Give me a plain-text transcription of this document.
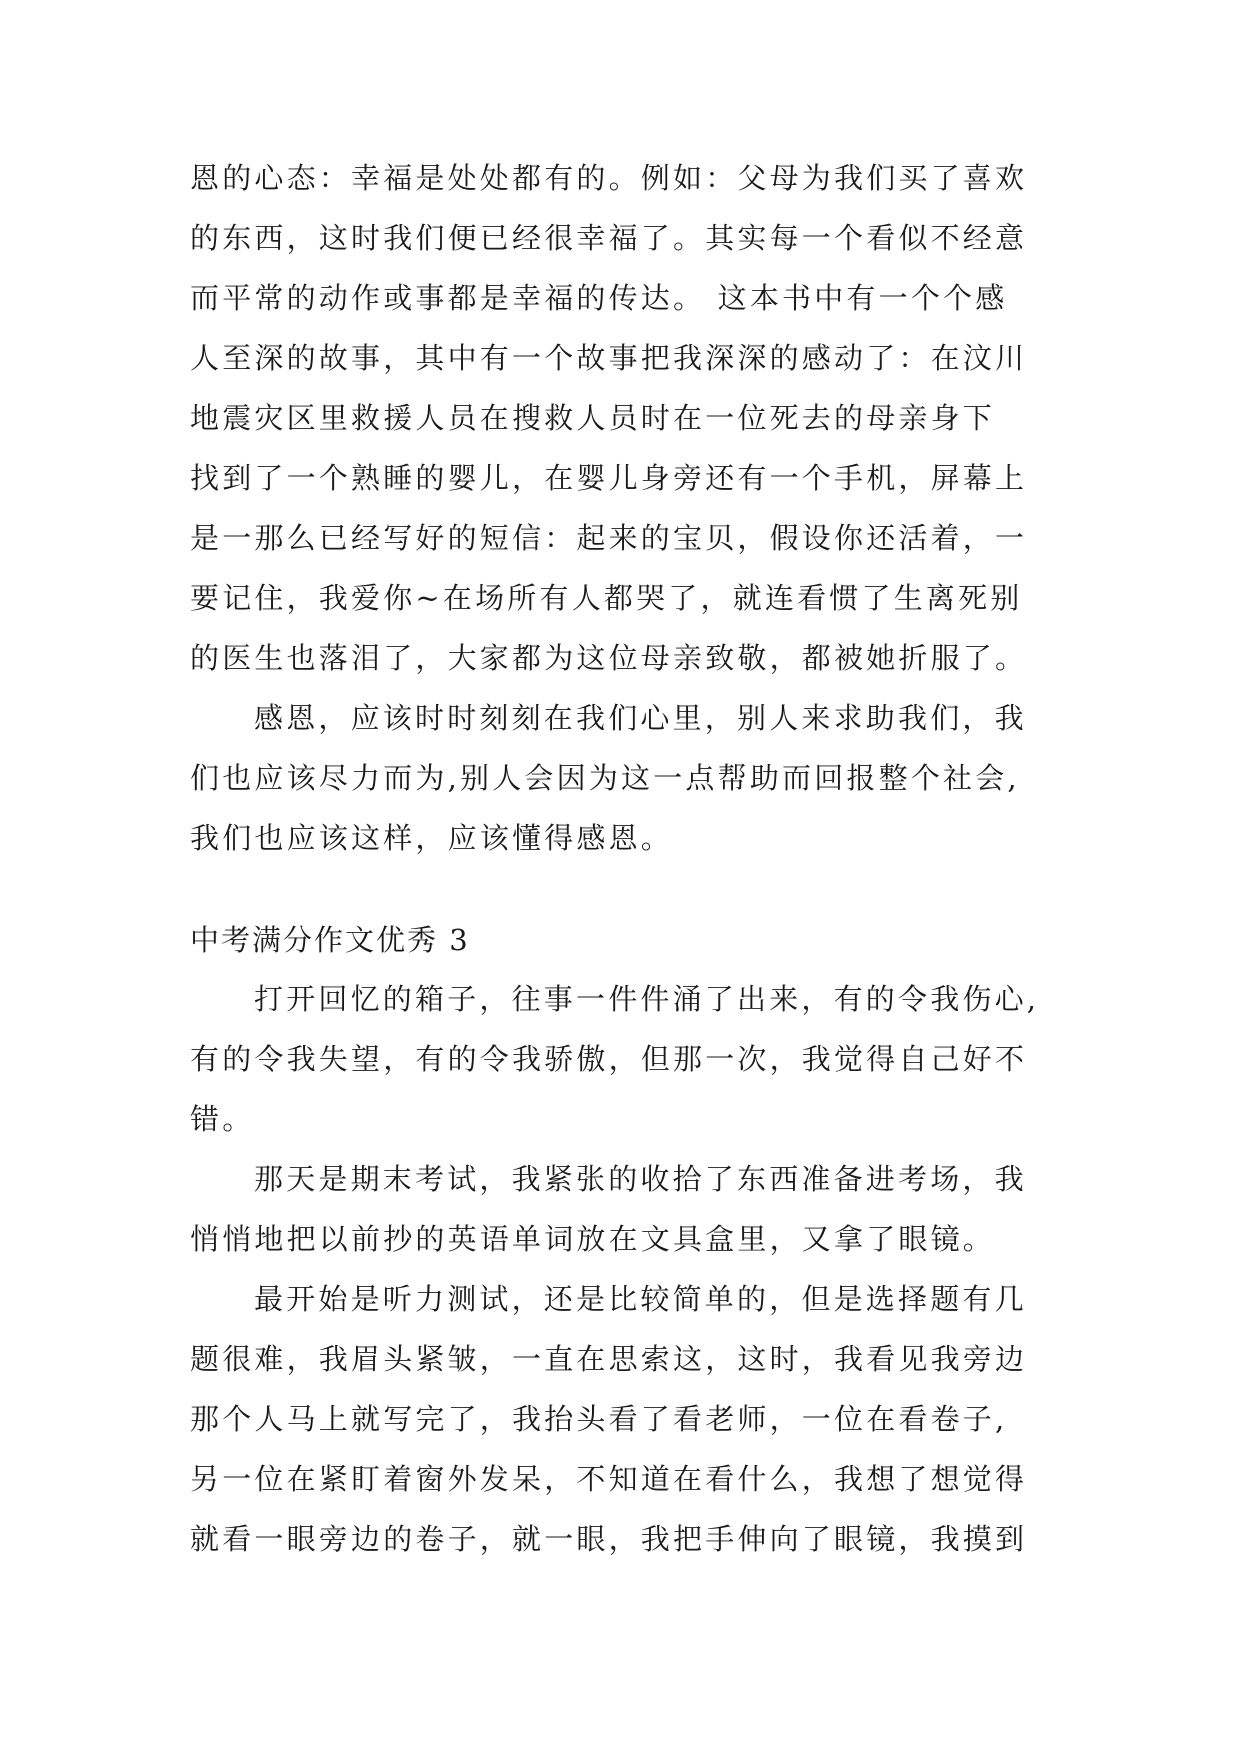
恩的心态：幸福是处处都有的。例如：父母为我们买了喜欢
的东西，这时我们便已经很幸福了。其实每一个看似不经意
而平常的动作或事都是幸福的传达。 这本书中有一个个感
人至深的故事，其中有一个故事把我深深的感动了：在汶川
地震灾区里救援人员在搜救人员时在一位死去的母亲身下
找到了一个熟睡的婴儿，在婴儿身旁还有一个手机，屏幕上
是一那么已经写好的短信：起来的宝贝，假设你还活着，一
要记住，我爱你~在场所有人都哭了，就连看惯了生离死别
的医生也落泪了，大家都为这位母亲致敬，都被她折服了。
感恩，应该时时刻刻在我们心里，别人来求助我们，我
们也应该尽力而为,别人会因为这一点帮助而回报整个社会,
我们也应该这样，应该懂得感恩。
中考满分作文优秀 3
打开回忆的箱子，往事一件件涌了出来，有的令我伤心,
有的令我失望，有的令我骄傲，但那一次，我觉得自己好不
错。
那天是期末考试，我紧张的收拾了东西准备进考场，我
悄悄地把以前抄的英语单词放在文具盒里，又拿了眼镜。
最开始是听力测试，还是比较简单的，但是选择题有几
题很难，我眉头紧皱，一直在思索这，这时，我看见我旁边
那个人马上就写完了，我抬头看了看老师，一位在看卷子,
另一位在紧盯着窗外发呆，不知道在看什么，我想了想觉得
就看一眼旁边的卷子，就一眼，我把手伸向了眼镜，我摸到
